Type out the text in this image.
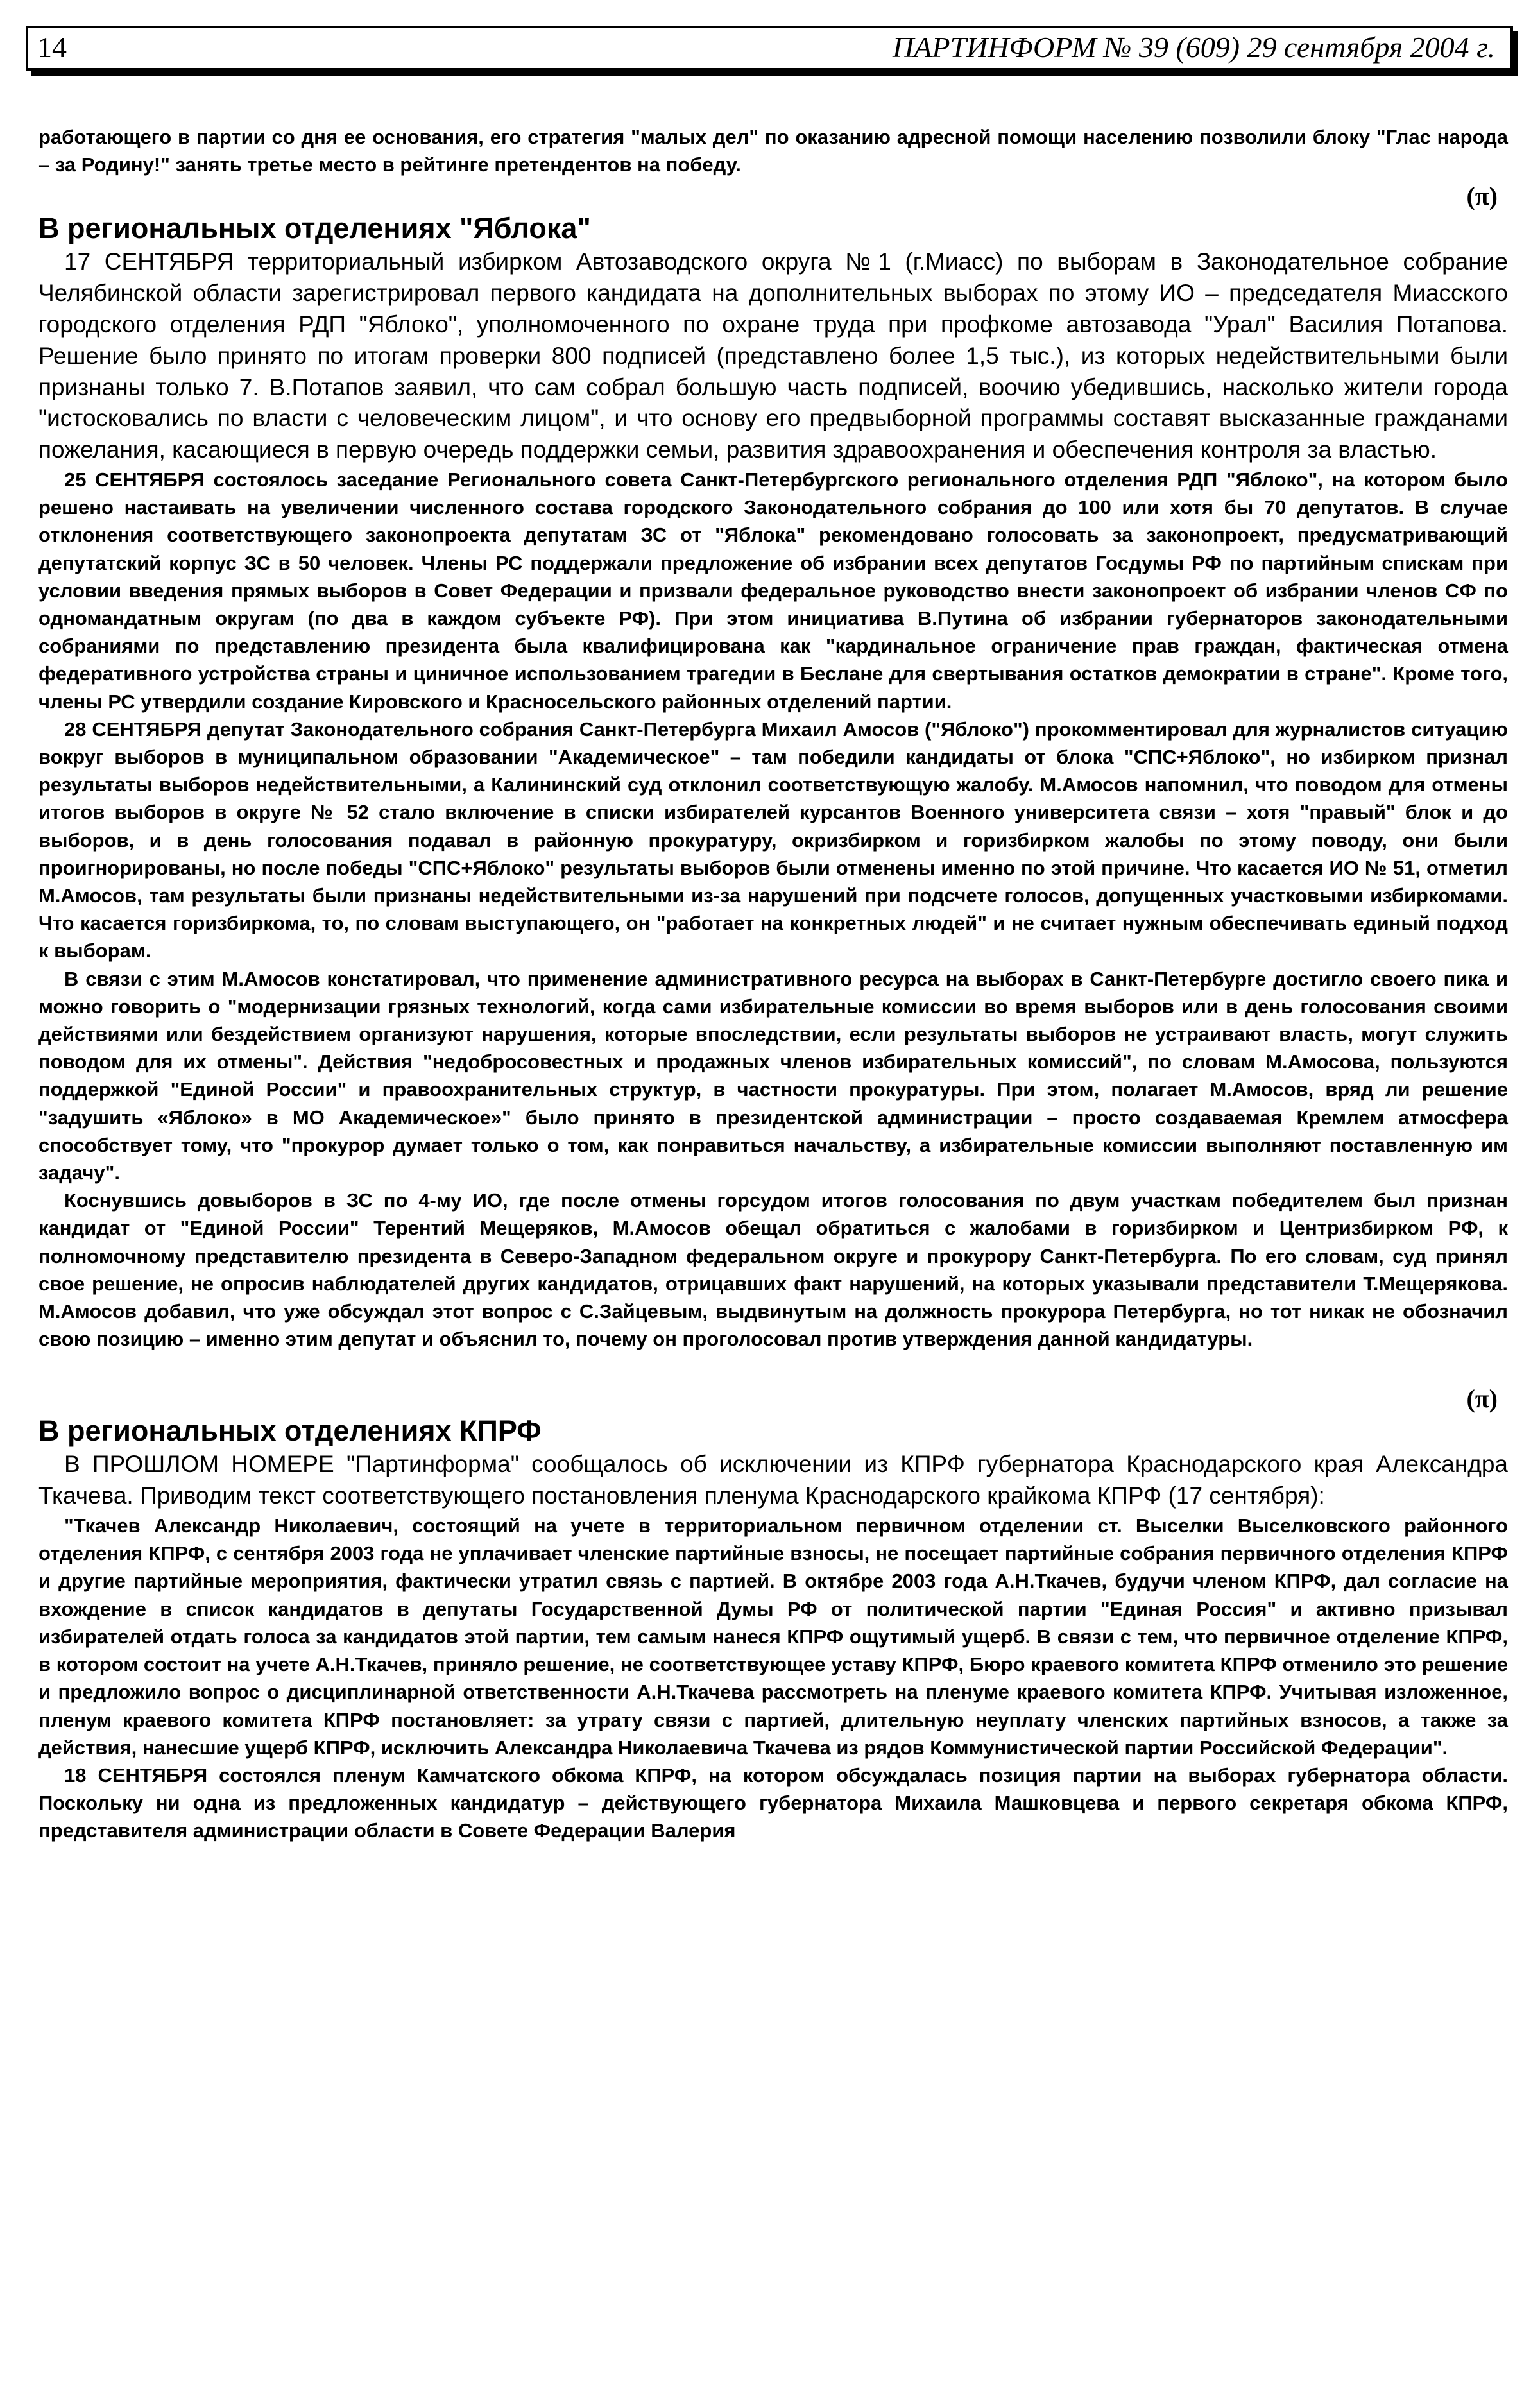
14	ПАРТИНФОРМ № 39 (609) 29 сентября 2004 г.

работающего в партии со дня ее основания, его стратегия "малых дел" по оказанию адресной помощи населению позволили блоку "Глас народа – за Родину!" занять третье место в рейтинге претендентов на победу.

(π)

В региональных отделениях "Яблока"

17 СЕНТЯБРЯ территориальный избирком Автозаводского округа №1 (г.Миасс) по выборам в Законодательное собрание Челябинской области зарегистрировал первого кандидата на дополнительных выборах по этому ИО – председателя Миасского городского отделения РДП "Яблоко", уполномоченного по охране труда при профкоме автозавода "Урал" Василия Потапова. Решение было принято по итогам проверки 800 подписей (представлено более 1,5 тыс.), из которых недействительными были признаны только 7. В.Потапов заявил, что сам собрал большую часть подписей, воочию убедившись, насколько жители города "истосковались по власти с человеческим лицом", и что основу его предвыборной программы составят высказанные гражданами пожелания, касающиеся в первую очередь поддержки семьи, развития здравоохранения и обеспечения контроля за властью.

25 СЕНТЯБРЯ состоялось заседание Регионального совета Санкт-Петербургского регионального отделения РДП "Яблоко", на котором было решено настаивать на увеличении численного состава городского Законодательного собрания до 100 или хотя бы 70 депутатов. В случае отклонения соответствующего законопроекта депутатам ЗС от "Яблока" рекомендовано голосовать за законопроект, предусматривающий депутатский корпус ЗС в 50 человек. Члены РС поддержали предложение об избрании всех депутатов Госдумы РФ по партийным спискам при условии введения прямых выборов в Совет Федерации и призвали федеральное руководство внести законопроект об избрании членов СФ по одномандатным округам (по два в каждом субъекте РФ). При этом инициатива В.Путина об избрании губернаторов законодательными собраниями по представлению президента была квалифицирована как "кардинальное ограничение прав граждан, фактическая отмена федеративного устройства страны и циничное использованием трагедии в Беслане для свертывания остатков демократии в стране". Кроме того, члены РС утвердили создание Кировского и Красносельского районных отделений партии.

28 СЕНТЯБРЯ депутат Законодательного собрания Санкт-Петербурга Михаил Амосов ("Яблоко") прокомментировал для журналистов ситуацию вокруг выборов в муниципальном образовании "Академическое" – там победили кандидаты от блока "СПС+Яблоко", но избирком признал результаты выборов недействительными, а Калининский суд отклонил соответствующую жалобу. М.Амосов напомнил, что поводом для отмены итогов выборов в округе № 52 стало включение в списки избирателей курсантов Военного университета связи – хотя "правый" блок и до выборов, и в день голосования подавал в районную прокуратуру, окризбирком и горизбирком жалобы по этому поводу, они были проигнорированы, но после победы "СПС+Яблоко" результаты выборов были отменены именно по этой причине. Что касается ИО № 51, отметил М.Амосов, там результаты были признаны недействительными из-за нарушений при подсчете голосов, допущенных участковыми избиркомами. Что касается горизбиркома, то, по словам выступающего, он "работает на конкретных людей" и не считает нужным обеспечивать единый подход к выборам.

В связи с этим М.Амосов констатировал, что применение административного ресурса на выборах в Санкт-Петербурге достигло своего пика и можно говорить о "модернизации грязных технологий, когда сами избирательные комиссии во время выборов или в день голосования своими действиями или бездействием организуют нарушения, которые впоследствии, если результаты выборов не устраивают власть, могут служить поводом для их отмены". Действия "недобросовестных и продажных членов избирательных комиссий", по словам М.Амосова, пользуются поддержкой "Единой России" и правоохранительных структур, в частности прокуратуры. При этом, полагает М.Амосов, вряд ли решение "задушить «Яблоко» в МО Академическое»" было принято в президентской администрации – просто создаваемая Кремлем атмосфера способствует тому, что "прокурор думает только о том, как понравиться начальству, а избирательные комиссии выполняют поставленную им задачу".

Коснувшись довыборов в ЗС по 4-му ИО, где после отмены горсудом итогов голосования по двум участкам победителем был признан кандидат от "Единой России" Терентий Мещеряков, М.Амосов обещал обратиться с жалобами в горизбирком и Центризбирком РФ, к полномочному представителю президента в Северо-Западном федеральном округе и прокурору Санкт-Петербурга. По его словам, суд принял свое решение, не опросив наблюдателей других кандидатов, отрицавших факт нарушений, на которых указывали представители Т.Мещерякова. М.Амосов добавил, что уже обсуждал этот вопрос с С.Зайцевым, выдвинутым на должность прокурора Петербурга, но тот никак не обозначил свою позицию – именно этим депутат и объяснил то, почему он проголосовал против утверждения данной кандидатуры.

(π)

В региональных отделениях КПРФ

В ПРОШЛОМ НОМЕРЕ "Партинформа" сообщалось об исключении из КПРФ губернатора Краснодарского края Александра Ткачева. Приводим текст соответствующего постановления пленума Краснодарского крайкома КПРФ (17 сентября):

"Ткачев Александр Николаевич, состоящий на учете в территориальном первичном отделении ст. Выселки Выселковского районного отделения КПРФ, с сентября 2003 года не уплачивает членские партийные взносы, не посещает партийные собрания первичного отделения КПРФ и другие партийные мероприятия, фактически утратил связь с партией. В октябре 2003 года А.Н.Ткачев, будучи членом КПРФ, дал согласие на вхождение в список кандидатов в депутаты Государственной Думы РФ от политической партии "Единая Россия" и активно призывал избирателей отдать голоса за кандидатов этой партии, тем самым нанеся КПРФ ощутимый ущерб. В связи с тем, что первичное отделение КПРФ, в котором состоит на учете А.Н.Ткачев, приняло решение, не соответствующее уставу КПРФ, Бюро краевого комитета КПРФ отменило это решение и предложило вопрос о дисциплинарной ответственности А.Н.Ткачева рассмотреть на пленуме краевого комитета КПРФ. Учитывая изложенное, пленум краевого комитета КПРФ постановляет: за утрату связи с партией, длительную неуплату членских партийных взносов, а также за действия, нанесшие ущерб КПРФ, исключить Александра Николаевича Ткачева из рядов Коммунистической партии Российской Федерации".

18 СЕНТЯБРЯ состоялся пленум Камчатского обкома КПРФ, на котором обсуждалась позиция партии на выборах губернатора области. Поскольку ни одна из предложенных кандидатур – действующего губернатора Михаила Машковцева и первого секретаря обкома КПРФ, представителя администрации области в Совете Федерации Валерия
